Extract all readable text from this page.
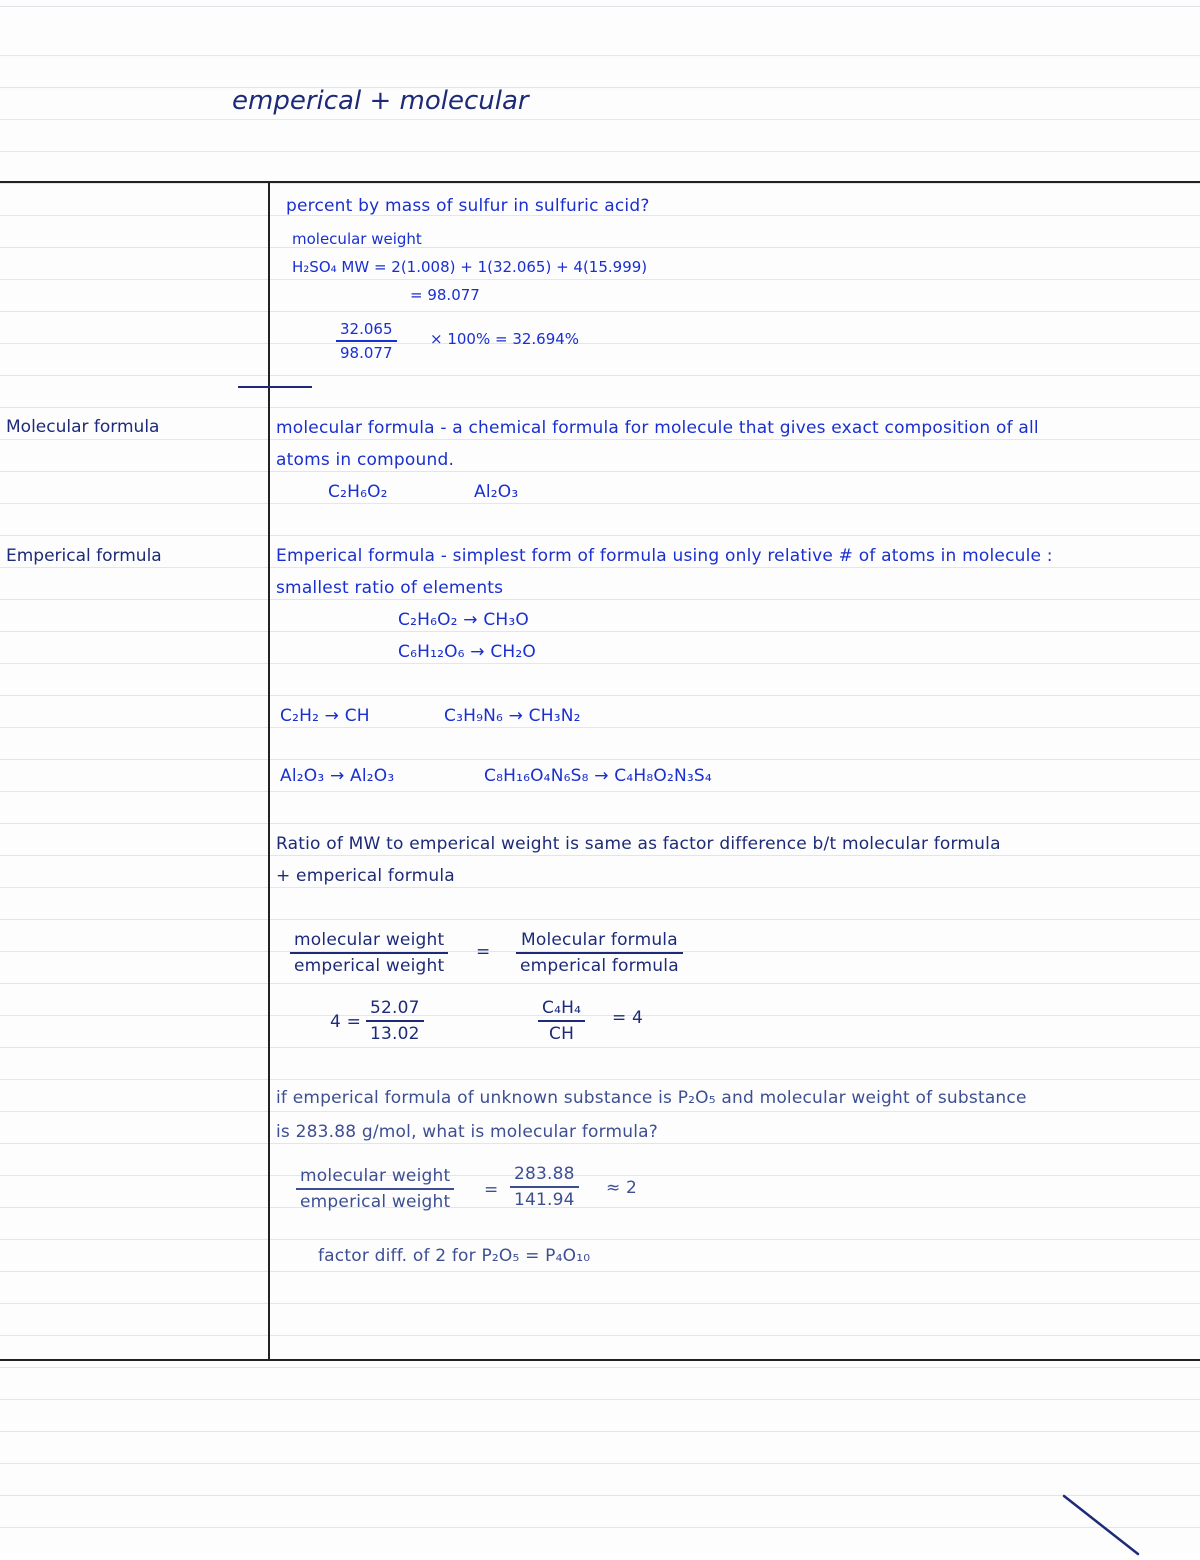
emperical + molecular
Molecular formula
Emperical formula
percent by mass of sulfur in sulfuric acid?
molecular weight
H₂SO₄ MW = 2(1.008) + 1(32.065) + 4(15.999)
= 98.077
$\frac{32.065}{98.077} \times 100\% = 32.694\%$
molecular formula - a chemical formula for molecule that gives exact composition of all
atoms in compound.
C₂H₆O₂	Al₂O₃
Emperical formula - simplest form of formula using only relative # of atoms in molecule :
smallest ratio of elements
C₂H₆O₂ → CH₃O
C₆H₁₂O₆ → CH₂O
C₂H₂ → CH	C₃H₉N₆ → CH₃N₂
Al₂O₃ → Al₂O₃	C₈H₁₆O₄N₆S₈ → C₄H₈O₂N₃S₄
Ratio of MW to emperical weight is same as factor difference b/t molecular formula
+ emperical formula
molecular weight
emperical weight
=
Molecular formula
emperical formula
$4 = \frac{52.07}{13.02}$	$\frac{\text{C₄H₄}}{CH} = 4$
if emperical formula of unknown substance is P₂O₅ and molecular weight of substance
is 283.88 g/mol, what is molecular formula?
molecular weight
emperical weight
= $\frac{283.88}{141.94} \approx 2$
factor diff. of 2 for P₂O₅ = P₄O₁₀
